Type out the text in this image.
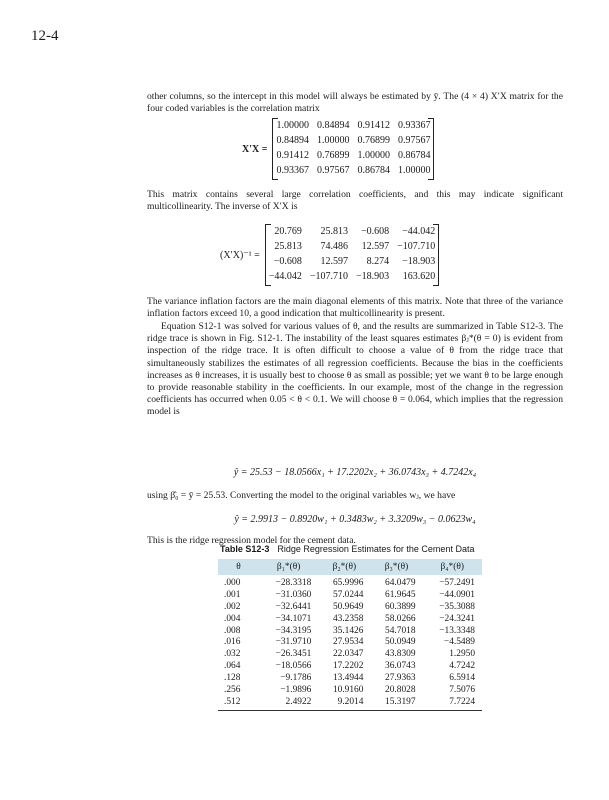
12-4

other columns, so the intercept in this model will always be estimated by ȳ. The (4 × 4) X′X matrix for the four coded variables is the correlation matrix

X′X =
1.00000	0.84894	0.91412	0.93367
0.84894	1.00000	0.76899	0.97567
0.91412	0.76899	1.00000	0.86784
0.93367	0.97567	0.86784	1.00000

This matrix contains several large correlation coefficients, and this may indicate significant multicollinearity. The inverse of X′X is

(X′X)⁻¹ =
20.769	25.813	−0.608	−44.042
25.813	74.486	12.597	−107.710
−0.608	12.597	8.274	−18.903
−44.042	−107.710	−18.903	163.620

The variance inflation factors are the main diagonal elements of this matrix. Note that three of the variance inflation factors exceed 10, a good indication that multicollinearity is present.

Equation S12-1 was solved for various values of θ, and the results are summarized in Table S12-3. The ridge trace is shown in Fig. S12-1. The instability of the least squares estimates βⱼ*(θ = 0) is evident from inspection of the ridge trace. It is often difficult to choose a value of θ from the ridge trace that simultaneously stabilizes the estimates of all regression coefficients. Because the bias in the coefficients increases as θ increases, it is usually best to choose θ as small as possible; yet we want θ to be large enough to provide reasonable stability in the coefficients. In our example, most of the change in the regression coefficients has occurred when 0.05 < θ < 0.1. We will choose θ = 0.064, which implies that the regression model is

ŷ = 25.53 − 18.0566x₁ + 17.2202x₂ + 36.0743x₃ + 4.7242x₄
using β̂₀ = ȳ = 25.53. Converting the model to the original variables wⱼ, we have
ŷ = 2.9913 − 0.8920w₁ + 0.3483w₂ + 3.3209w₃ − 0.0623w₄

This is the ridge regression model for the cement data.

Table S12-3 Ridge Regression Estimates for the Cement Data
θ	β₁*(θ)	β₂*(θ)	β₃*(θ)	β₄*(θ)
.000	−28.3318	65.9996	64.0479	−57.2491
.001	−31.0360	57.0244	61.9645	−44.0901
.002	−32.6441	50.9649	60.3899	−35.3088
.004	−34.1071	43.2358	58.0266	−24.3241
.008	−34.3195	35.1426	54.7018	−13.3348
.016	−31.9710	27.9534	50.0949	−4.5489
.032	−26.3451	22.0347	43.8309	1.2950
.064	−18.0566	17.2202	36.0743	4.7242
.128	−9.1786	13.4944	27.9363	6.5914
.256	−1.9896	10.9160	20.8028	7.5076
.512	2.4922	9.2014	15.3197	7.7224
